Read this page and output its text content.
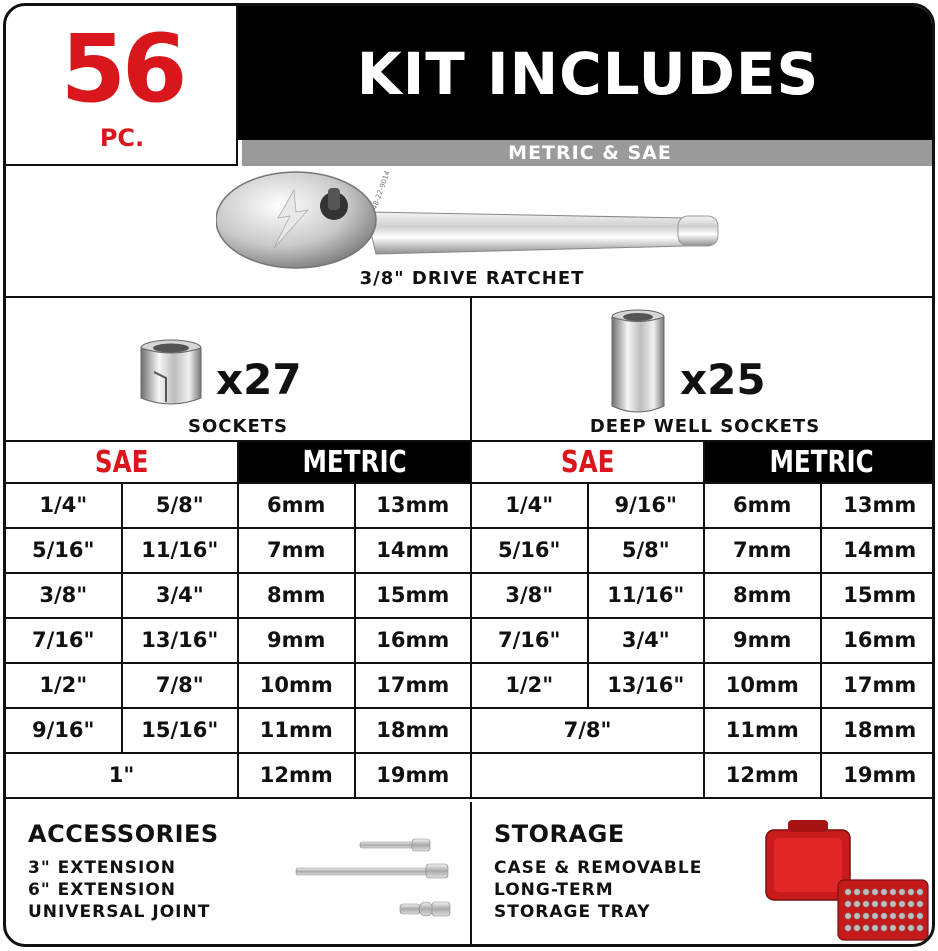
56
PC.
KIT INCLUDES
METRIC & SAE
48-22-9014
3/8" DRIVE RATCHET
x27
SOCKETS
x25
DEEP WELL SOCKETS
SAE	METRIC
1/4"	5/8"	6mm	13mm
5/16"	11/16"	7mm	14mm
3/8"	3/4"	8mm	15mm
7/16"	13/16"	9mm	16mm
1/2"	7/8"	10mm	17mm
9/16"	15/16"	11mm	18mm
1"	12mm	19mm
SAE	METRIC
1/4"	9/16"	6mm	13mm
5/16"	5/8"	7mm	14mm
3/8"	11/16"	8mm	15mm
7/16"	3/4"	9mm	16mm
1/2"	13/16"	10mm	17mm
7/8"	11mm	18mm
12mm	19mm
ACCESSORIES
3" EXTENSION
6" EXTENSION
UNIVERSAL JOINT
STORAGE
CASE & REMOVABLE
LONG-TERM
STORAGE TRAY
